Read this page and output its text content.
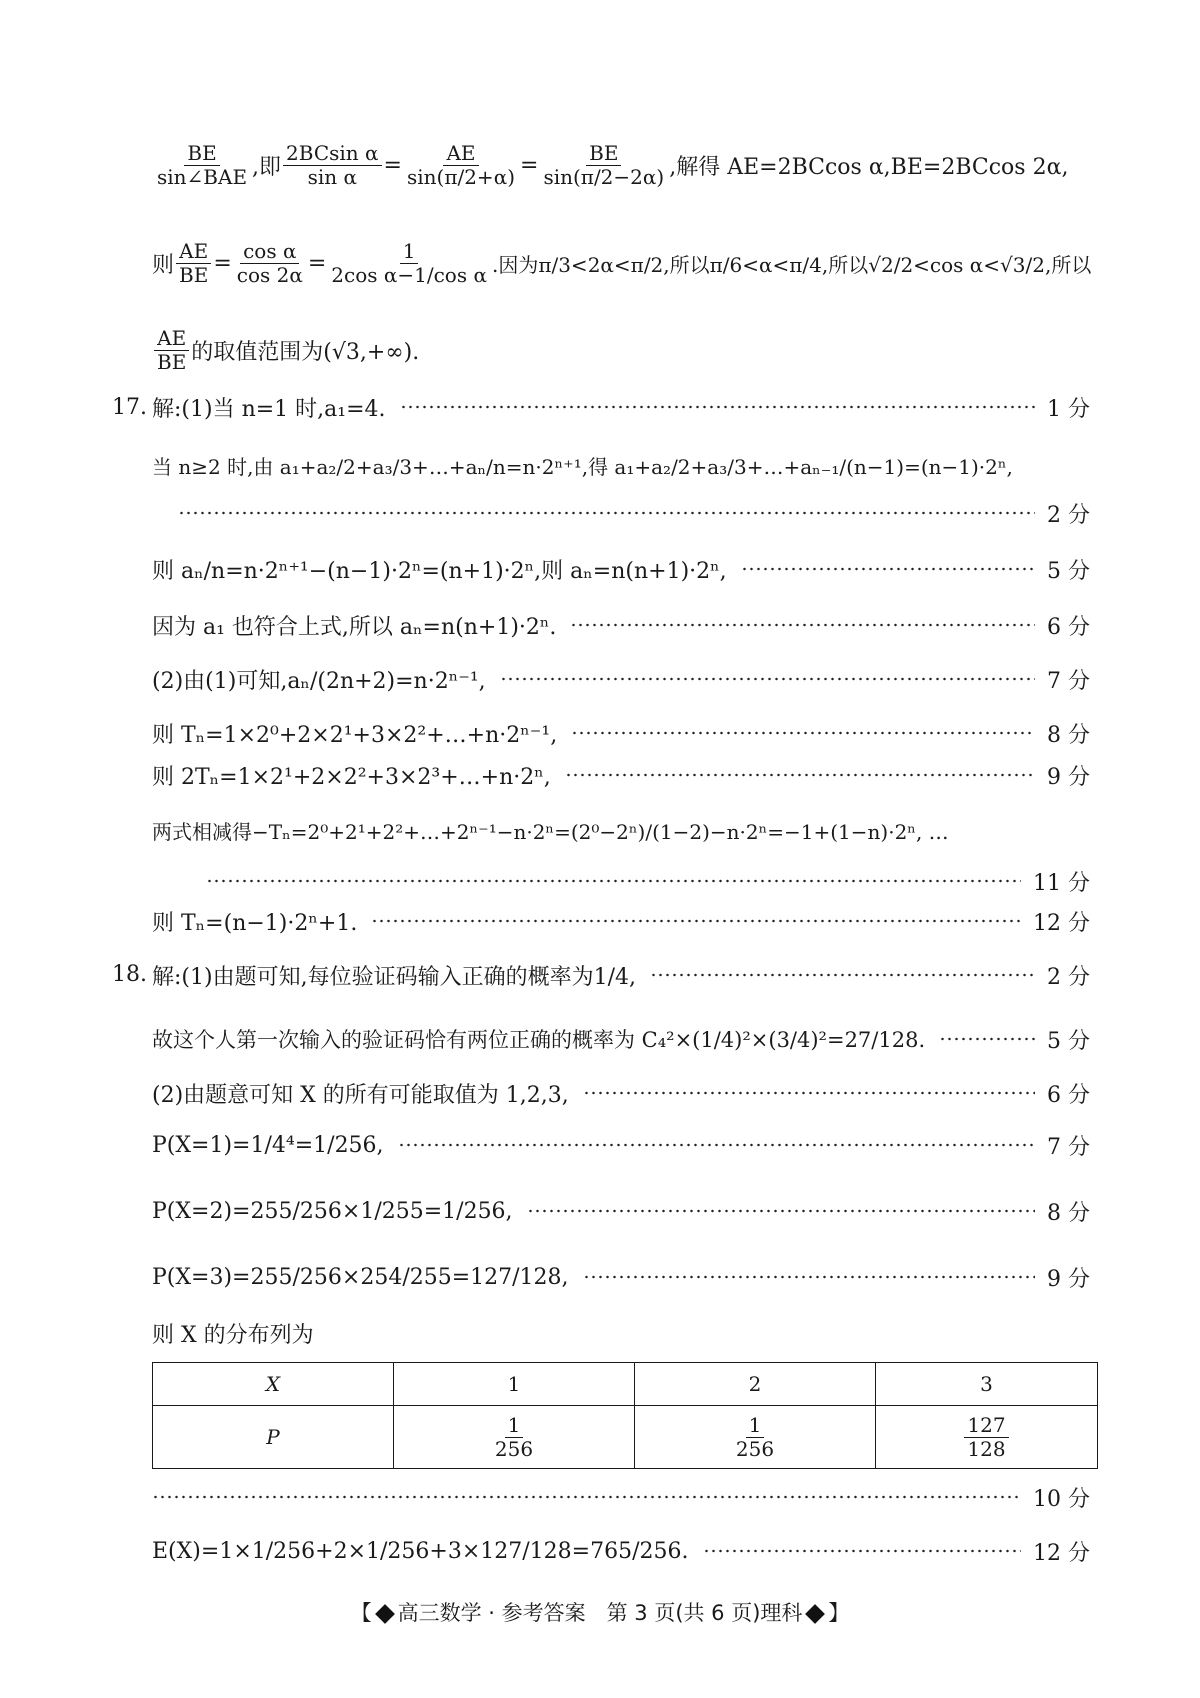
$\frac{BE}{\text{sin∠BAE}}$ ,即 $\frac{\text{2BCsin α}}{\text{sin α}} = \frac{AE}{\sin(\pi/2+\alpha)} = \frac{BE}{\sin(\pi/2-2\alpha)}$ ,解得 AE=2BCcos α,BE=2BCcos 2α,
则 $\frac{AE}{BE} = \frac{\text{cos α}}{\cos 2\alpha} = \frac{1}{\text{2cos α−1/cos α}}$ .因为π/3<2α<π/2,所以π/6<α<π/4,所以√2/2<cos α<√3/2,所以
$\frac{AE}{BE}$ 的取值范围为(√3,+∞).
17. 解:(1)当 n=1 时,a₁=4.	1 分
当 n≥2 时,由 a₁+a₂/2+a₃/3+…+aₙ/n=n·2ⁿ⁺¹,得 a₁+a₂/2+a₃/3+…+aₙ₋₁/(n−1)=(n−1)·2ⁿ,
2 分
则 aₙ/n=n·2ⁿ⁺¹−(n−1)·2ⁿ=(n+1)·2ⁿ,则 aₙ=n(n+1)·2ⁿ,	5 分
因为 a₁ 也符合上式,所以 aₙ=n(n+1)·2ⁿ.	6 分
(2)由(1)可知,aₙ/(2n+2)=n·2ⁿ⁻¹,	7 分
则 Tₙ=1×2⁰+2×2¹+3×2²+…+n·2ⁿ⁻¹,	8 分
则 2Tₙ=1×2¹+2×2²+3×2³+…+n·2ⁿ,	9 分
两式相减得−Tₙ=2⁰+2¹+2²+…+2ⁿ⁻¹−n·2ⁿ=(2⁰−2ⁿ)/(1−2)−n·2ⁿ=−1+(1−n)·2ⁿ, …
11 分
则 Tₙ=(n−1)·2ⁿ+1.	12 分
18. 解:(1)由题可知,每位验证码输入正确的概率为1/4,	2 分
故这个人第一次输入的验证码恰有两位正确的概率为 C₄²×(1/4)²×(3/4)²=27/128.	5 分
(2)由题意可知 X 的所有可能取值为 1,2,3,	6 分
P(X=1)=1/4⁴=1/256,	7 分
P(X=2)=255/256×1/255=1/256,	8 分
P(X=3)=255/256×254/255=127/128,	9 分
则 X 的分布列为
X	1	2	3
P	$\frac{1}{256}$	$\frac{1}{256}$	$\frac{127}{128}$
10 分
E(X)=1×1/256+2×1/256+3×127/128=765/256.	12 分
【 高三数学 · 参考答案　第 3 页(共 6 页)理科 】
